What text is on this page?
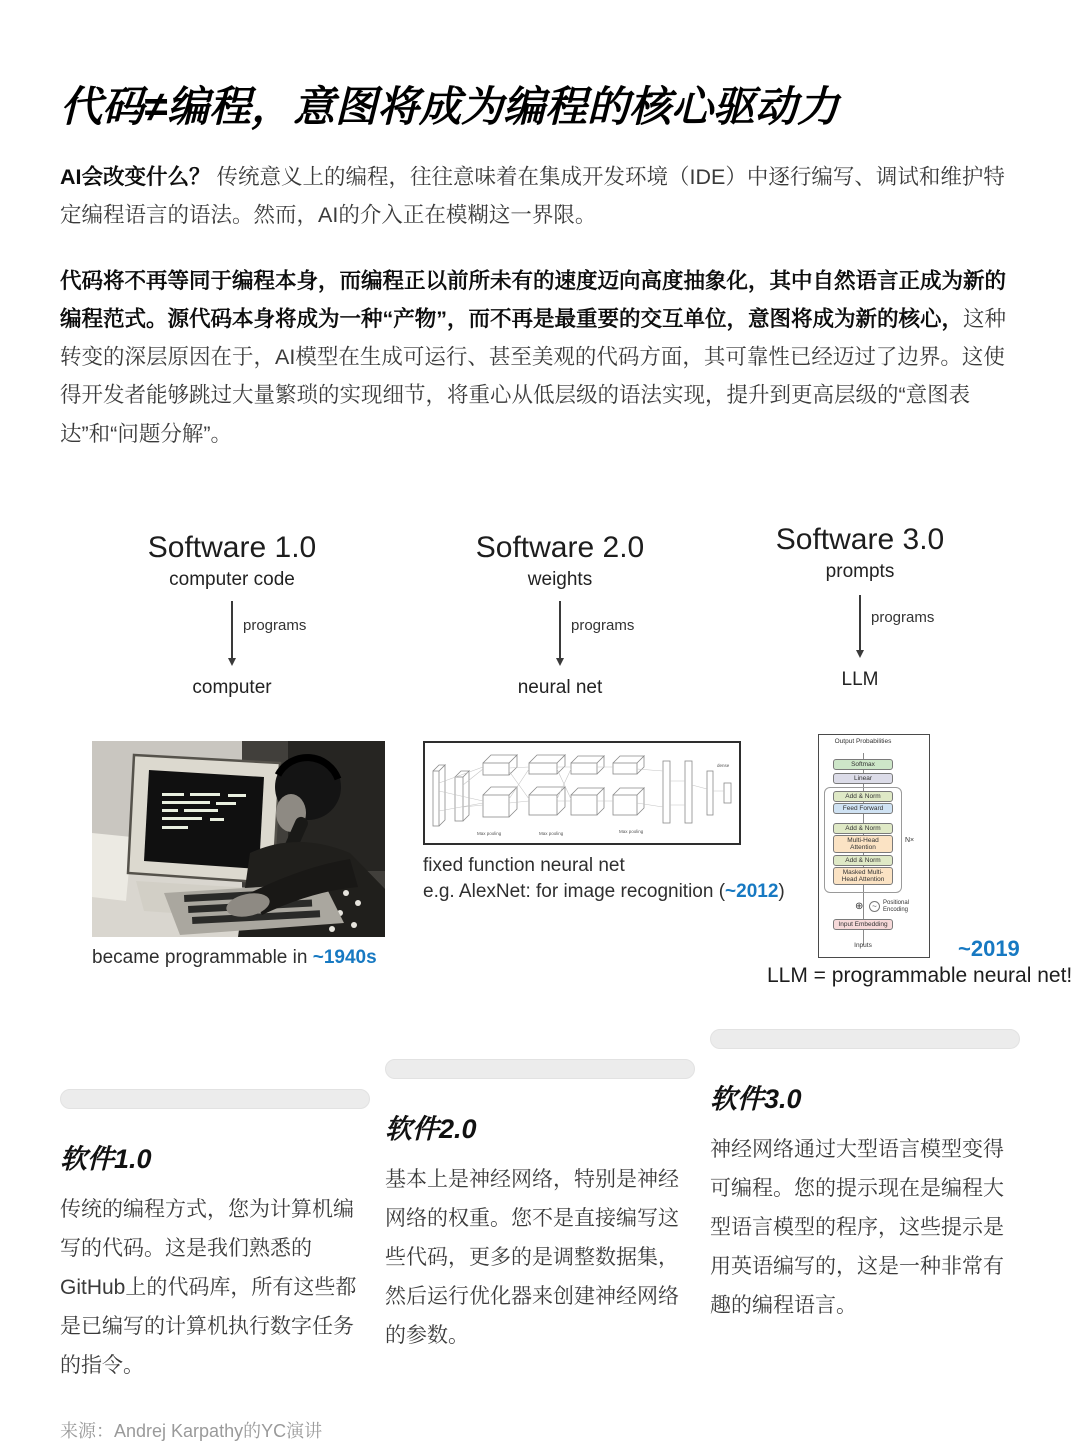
代码≠编程，意图将成为编程的核心驱动力

AI会改变什么？ 传统意义上的编程，往往意味着在集成开发环境（IDE）中逐行编写、调试和维护特定编程语言的语法。然而，AI的介入正在模糊这一界限。

代码将不再等同于编程本身，而编程正以前所未有的速度迈向高度抽象化，其中自然语言正成为新的编程范式。源代码本身将成为一种“产物”，而不再是最重要的交互单位，意图将成为新的核心，这种转变的深层原因在于，AI模型在生成可运行、甚至美观的代码方面，其可靠性已经迈过了边界。这使得开发者能够跳过大量繁琐的实现细节，将重心从低层级的语法实现，提升到更高层级的“意图表达”和“问题分解”。

Software 1.0
computer code
programs
computer
Software 2.0
weights
programs
neural net
Software 3.0
prompts
programs
LLM
became programmable in ~1940s
Max pooling	Max pooling	Max pooling
dense
fixed function neural net
e.g. AlexNet: for image recognition (~2012)
Output Probabilities
Softmax
Linear
Add & Norm
Feed Forward
Add & Norm
Multi-Head Attention
Add & Norm
Masked Multi-Head Attention
N×
⊕	~	Positional Encoding
Input Embedding
Inputs	~2019
LLM = programmable neural net!
软件1.0

传统的编程方式，您为计算机编写的代码。这是我们熟悉的GitHub上的代码库，所有这些都是已编写的计算机执行数字任务的指令。

软件2.0

基本上是神经网络，特别是神经网络的权重。您不是直接编写这些代码，更多的是调整数据集，然后运行优化器来创建神经网络的参数。

软件3.0

神经网络通过大型语言模型变得可编程。您的提示现在是编程大型语言模型的程序，这些提示是用英语编写的，这是一种非常有趣的编程语言。

来源：Andrej Karpathy的YC演讲
